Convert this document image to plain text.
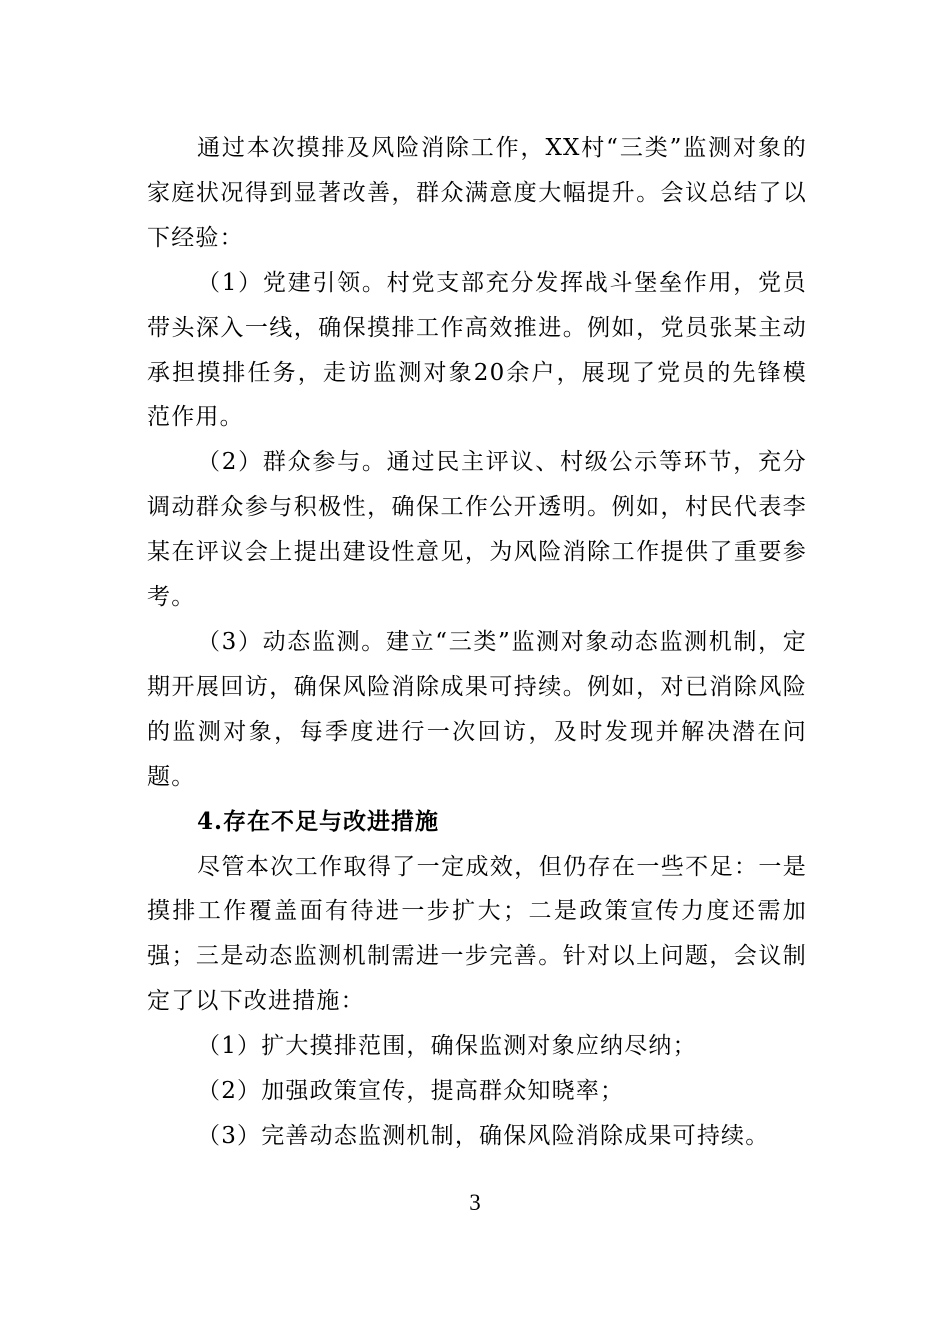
通过本次摸排及风险消除工作，XX村“三类”监测对象的家庭状况得到显著改善，群众满意度大幅提升。会议总结了以下经验：

（1）党建引领。村党支部充分发挥战斗堡垒作用，党员带头深入一线，确保摸排工作高效推进。例如，党员张某主动承担摸排任务，走访监测对象20余户，展现了党员的先锋模范作用。

（2）群众参与。通过民主评议、村级公示等环节，充分调动群众参与积极性，确保工作公开透明。例如，村民代表李某在评议会上提出建设性意见，为风险消除工作提供了重要参考。

（3）动态监测。建立“三类”监测对象动态监测机制，定期开展回访，确保风险消除成果可持续。例如，对已消除风险的监测对象，每季度进行一次回访，及时发现并解决潜在问题。

4.存在不足与改进措施

尽管本次工作取得了一定成效，但仍存在一些不足：一是摸排工作覆盖面有待进一步扩大；二是政策宣传力度还需加强；三是动态监测机制需进一步完善。针对以上问题，会议制定了以下改进措施：

（1）扩大摸排范围，确保监测对象应纳尽纳；

（2）加强政策宣传，提高群众知晓率；

（3）完善动态监测机制，确保风险消除成果可持续。

3
